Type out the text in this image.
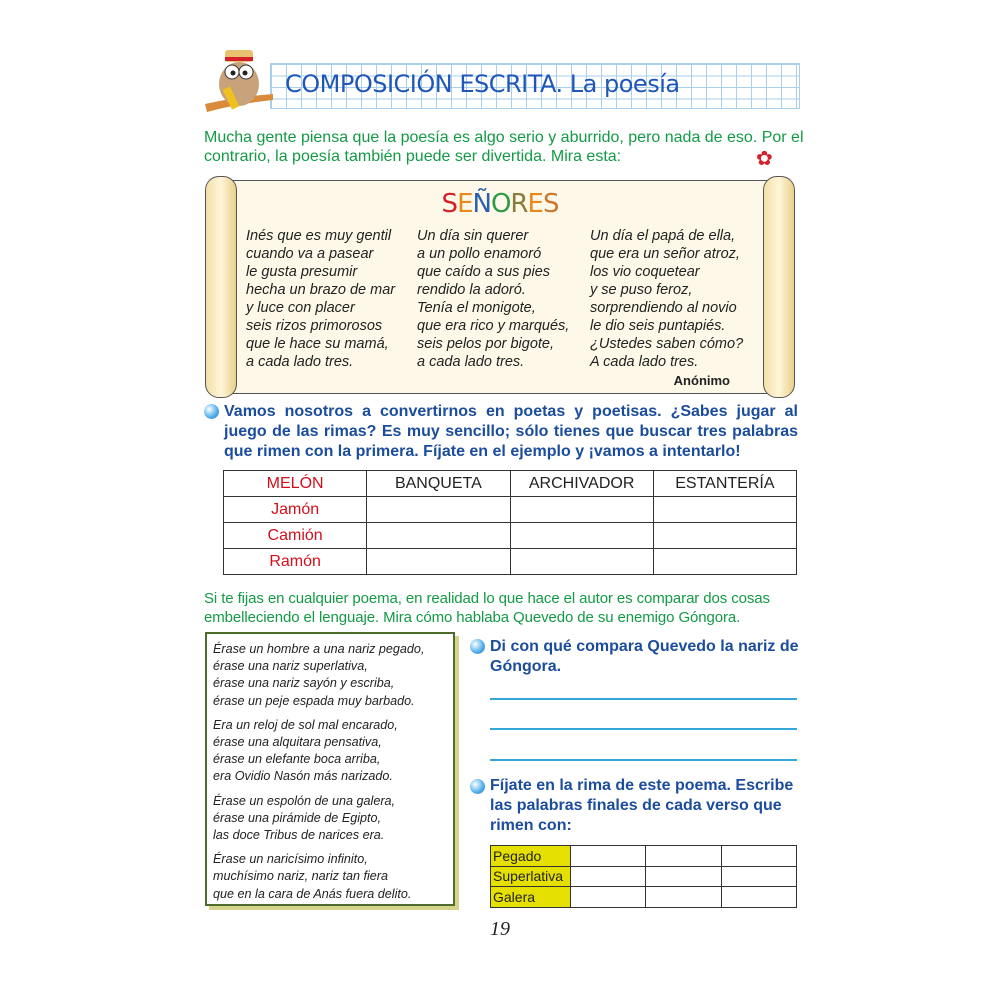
COMPOSICIÓN ESCRITA. La poesía
Mucha gente piensa que la poesía es algo serio y aburrido, pero nada de eso. Por el contrario, la poesía también puede ser divertida. Mira esta:	✿
SEÑORES
Inés que es muy gentil
cuando va a pasear
le gusta presumir
hecha un brazo de mar
y luce con placer
seis rizos primorosos
que le hace su mamá,
a cada lado tres.
Un día sin querer
a un pollo enamoró
que caído a sus pies
rendido la adoró.
Tenía el monigote,
que era rico y marqués,
seis pelos por bigote,
a cada lado tres.
Un día el papá de ella,
que era un señor atroz,
los vio coquetear
y se puso feroz,
sorprendiendo al novio
le dio seis puntapiés.
¿Ustedes saben cómo?
A cada lado tres.
Anónimo
Vamos nosotros a convertirnos en poetas y poetisas. ¿Sabes jugar al juego de las rimas? Es muy sencillo; sólo tienes que buscar tres palabras que rimen con la primera. Fíjate en el ejemplo y ¡vamos a intentarlo!
MELÓN	BANQUETA	ARCHIVADOR	ESTANTERÍA
Jamón			
Camión			
Ramón			
Si te fijas en cualquier poema, en realidad lo que hace el autor es comparar dos cosas embelleciendo el lenguaje. Mira cómo hablaba Quevedo de su enemigo Góngora.
Érase un hombre a una nariz pegado,
érase una nariz superlativa,
érase una nariz sayón y escriba,
érase un peje espada muy barbado.
Era un reloj de sol mal encarado,
érase una alquitara pensativa,
érase un elefante boca arriba,
era Ovidio Nasón más narizado.
Érase un espolón de una galera,
érase una pirámide de Egipto,
las doce Tribus de narices era.
Érase un naricísimo infinito,
muchísimo nariz, nariz tan fiera
que en la cara de Anás fuera delito.
Di con qué compara Quevedo la nariz de Góngora.
Fíjate en la rima de este poema. Escribe las palabras finales de cada verso que rimen con:
Pegado			
Superlativa			
Galera			
19
